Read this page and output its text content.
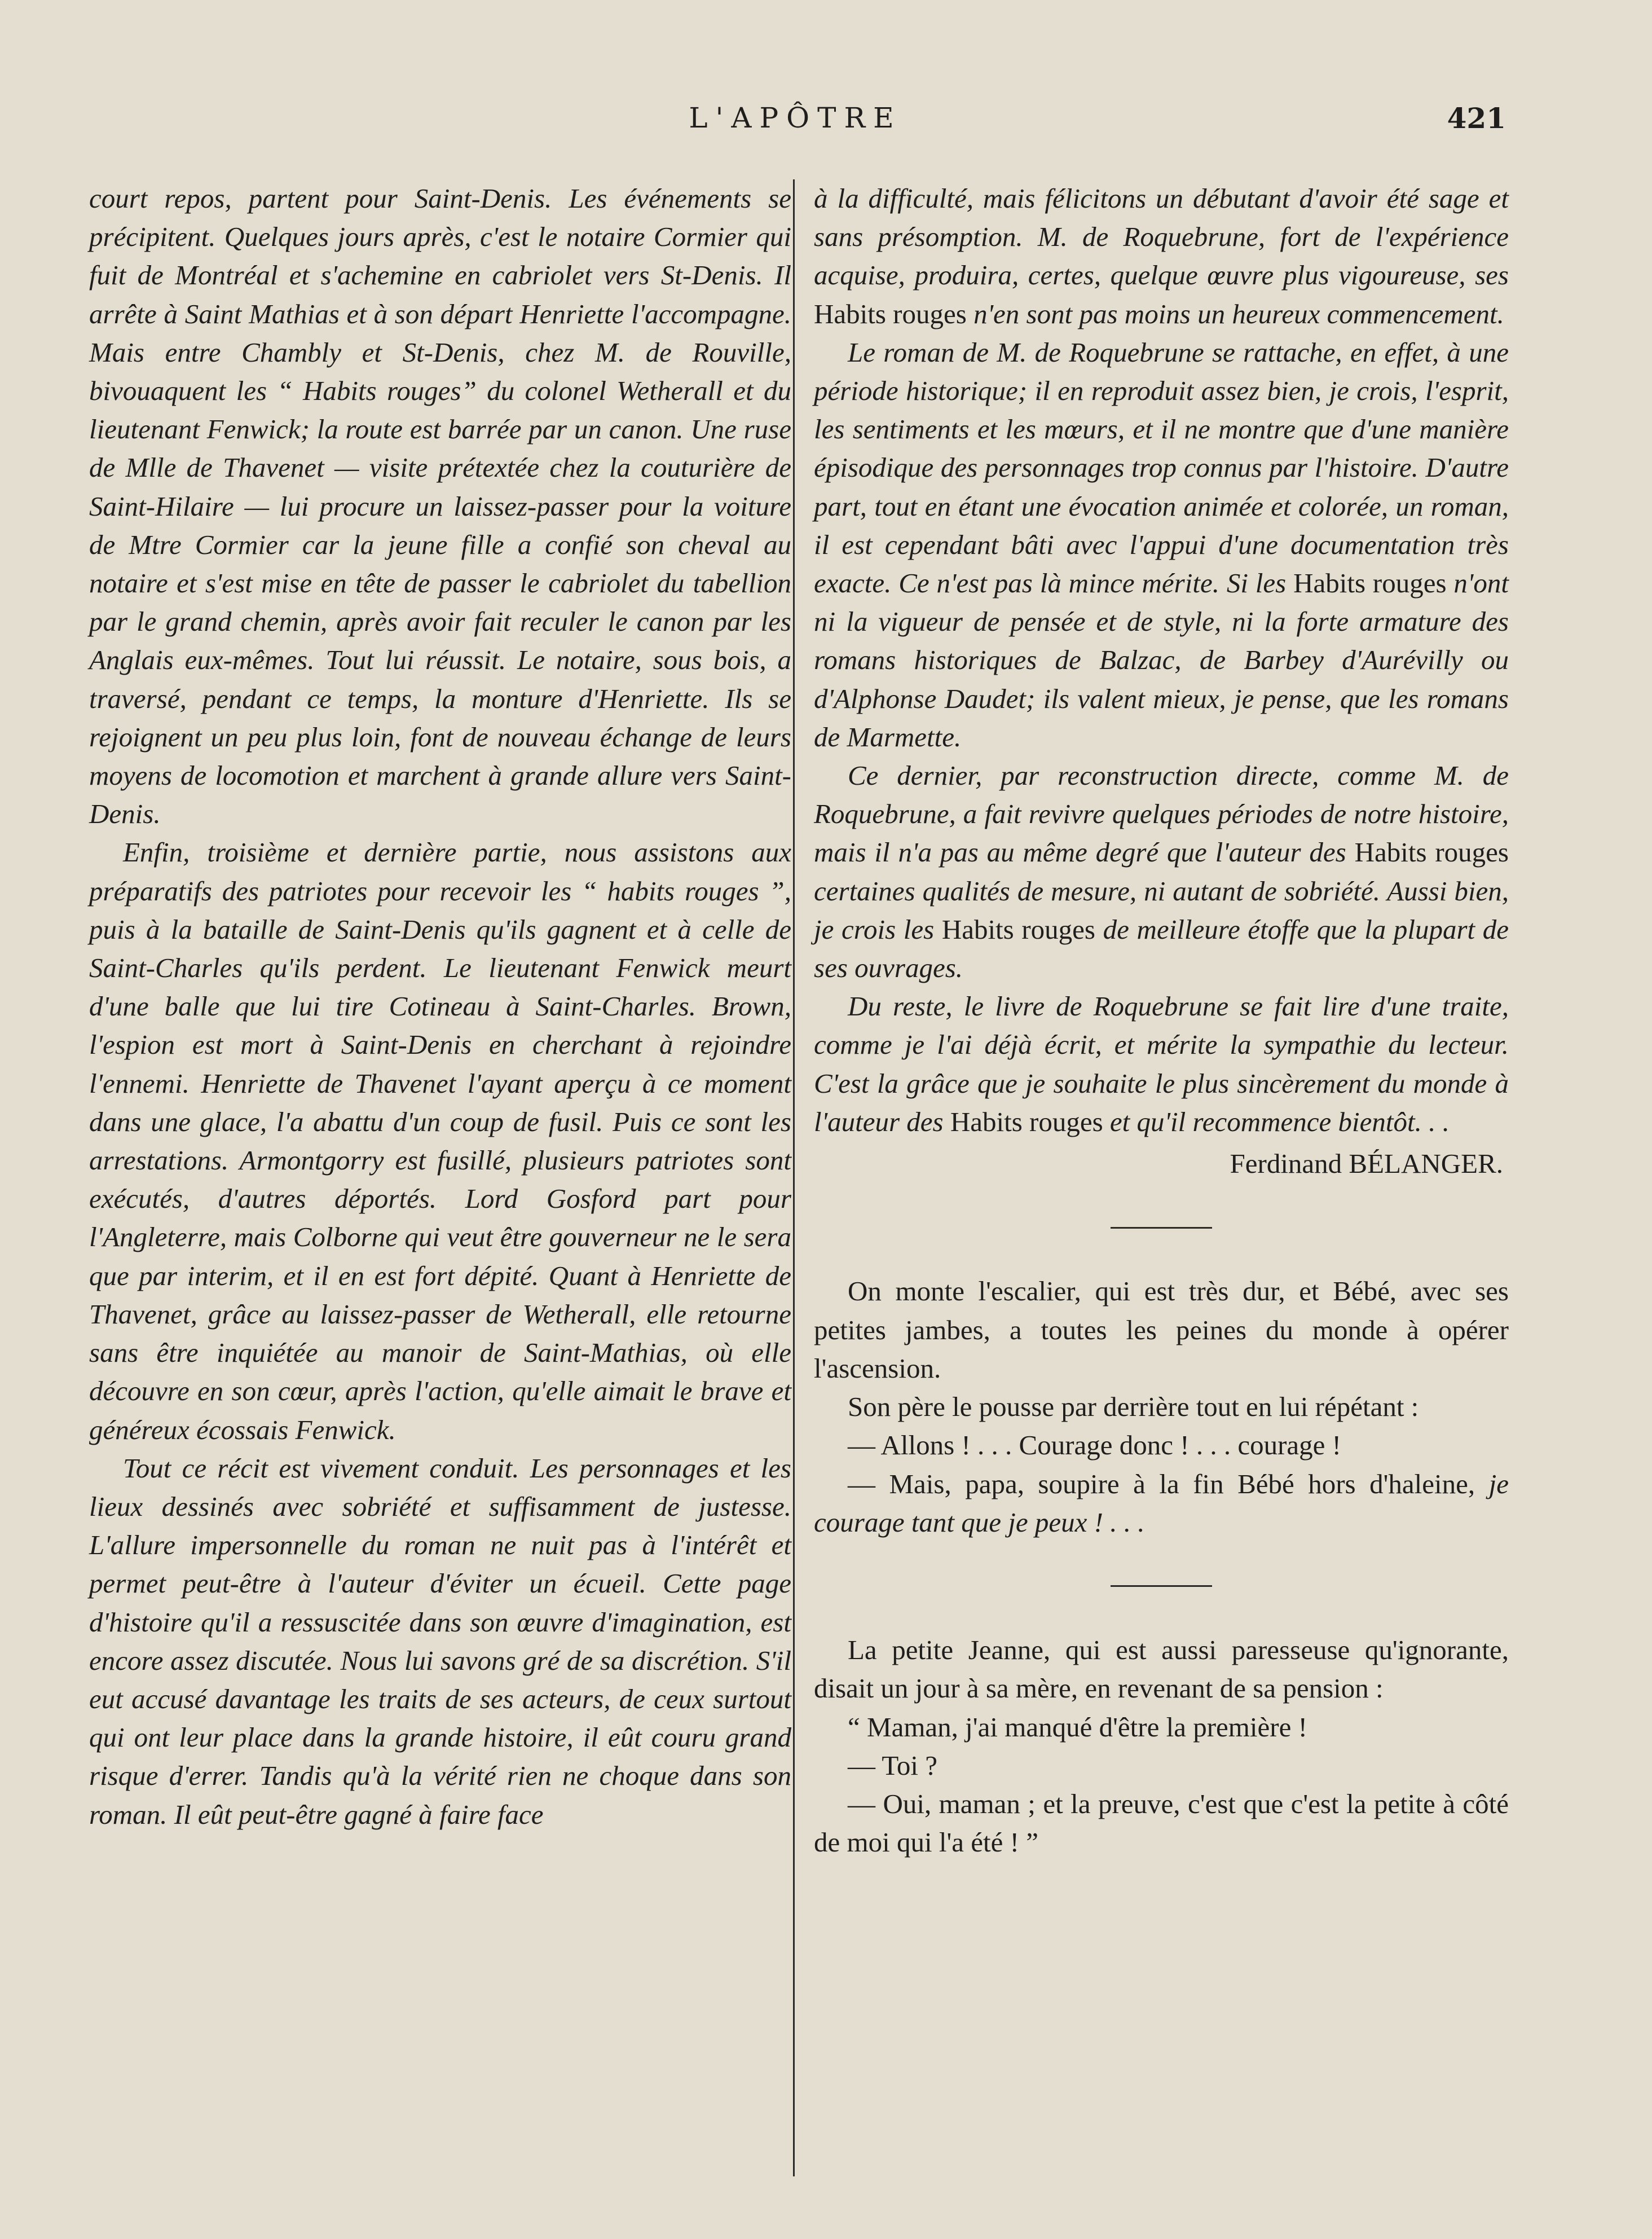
L'APÔTRE	421

court repos, partent pour Saint-Denis. Les événements se précipitent. Quelques jours après, c'est le notaire Cormier qui fuit de Montréal et s'achemine en cabriolet vers St-Denis. Il arrête à Saint Mathias et à son départ Henriette l'accompagne. Mais entre Chambly et St-Denis, chez M. de Rouville, bivouaquent les “ Habits rouges” du colonel Wetherall et du lieutenant Fenwick; la route est barrée par un canon. Une ruse de Mlle de Thavenet — visite prétextée chez la couturière de Saint-Hilaire — lui procure un laissez-passer pour la voiture de Mtre Cormier car la jeune fille a confié son cheval au notaire et s'est mise en tête de passer le cabriolet du tabellion par le grand chemin, après avoir fait reculer le canon par les Anglais eux-mêmes. Tout lui réussit. Le notaire, sous bois, a traversé, pendant ce temps, la monture d'Henriette. Ils se rejoignent un peu plus loin, font de nouveau échange de leurs moyens de locomotion et marchent à grande allure vers Saint-Denis.

Enfin, troisième et dernière partie, nous assistons aux préparatifs des patriotes pour recevoir les “ habits rouges ”, puis à la bataille de Saint-Denis qu'ils gagnent et à celle de Saint-Charles qu'ils perdent. Le lieutenant Fenwick meurt d'une balle que lui tire Cotineau à Saint-Charles. Brown, l'espion est mort à Saint-Denis en cherchant à rejoindre l'ennemi. Henriette de Thavenet l'ayant aperçu à ce moment dans une glace, l'a abattu d'un coup de fusil. Puis ce sont les arrestations. Armontgorry est fusillé, plusieurs patriotes sont exécutés, d'autres déportés. Lord Gosford part pour l'Angleterre, mais Colborne qui veut être gouverneur ne le sera que par interim, et il en est fort dépité. Quant à Henriette de Thavenet, grâce au laissez-passer de Wetherall, elle retourne sans être inquiétée au manoir de Saint-Mathias, où elle découvre en son cœur, après l'action, qu'elle aimait le brave et généreux écossais Fenwick.

Tout ce récit est vivement conduit. Les personnages et les lieux dessinés avec sobriété et suffisamment de justesse. L'allure impersonnelle du roman ne nuit pas à l'intérêt et permet peut-être à l'auteur d'éviter un écueil. Cette page d'histoire qu'il a ressuscitée dans son œuvre d'imagination, est encore assez discutée. Nous lui savons gré de sa discrétion. S'il eut accusé davantage les traits de ses acteurs, de ceux surtout qui ont leur place dans la grande histoire, il eût couru grand risque d'errer. Tandis qu'à la vérité rien ne choque dans son roman. Il eût peut-être gagné à faire face

à la difficulté, mais félicitons un débutant d'avoir été sage et sans présomption. M. de Roquebrune, fort de l'expérience acquise, produira, certes, quelque œuvre plus vigoureuse, ses Habits rouges n'en sont pas moins un heureux commencement.

Le roman de M. de Roquebrune se rattache, en effet, à une période historique; il en reproduit assez bien, je crois, l'esprit, les sentiments et les mœurs, et il ne montre que d'une manière épisodique des personnages trop connus par l'histoire. D'autre part, tout en étant une évocation animée et colorée, un roman, il est cependant bâti avec l'appui d'une documentation très exacte. Ce n'est pas là mince mérite. Si les Habits rouges n'ont ni la vigueur de pensée et de style, ni la forte armature des romans historiques de Balzac, de Barbey d'Aurévilly ou d'Alphonse Daudet; ils valent mieux, je pense, que les romans de Marmette.

Ce dernier, par reconstruction directe, comme M. de Roquebrune, a fait revivre quelques périodes de notre histoire, mais il n'a pas au même degré que l'auteur des Habits rouges certaines qualités de mesure, ni autant de sobriété. Aussi bien, je crois les Habits rouges de meilleure étoffe que la plupart de ses ouvrages.

Du reste, le livre de Roquebrune se fait lire d'une traite, comme je l'ai déjà écrit, et mérite la sympathie du lecteur. C'est la grâce que je souhaite le plus sincèrement du monde à l'auteur des Habits rouges et qu'il recommence bientôt. . .

Ferdinand BÉLANGER.

On monte l'escalier, qui est très dur, et Bébé, avec ses petites jambes, a toutes les peines du monde à opérer l'ascension.

Son père le pousse par derrière tout en lui répétant :

— Allons ! . . . Courage donc ! . . . courage !

— Mais, papa, soupire à la fin Bébé hors d'haleine, je courage tant que je peux ! . . .

La petite Jeanne, qui est aussi paresseuse qu'ignorante, disait un jour à sa mère, en revenant de sa pension :

“ Maman, j'ai manqué d'être la première !

— Toi ?

— Oui, maman ; et la preuve, c'est que c'est la petite à côté de moi qui l'a été ! ”
